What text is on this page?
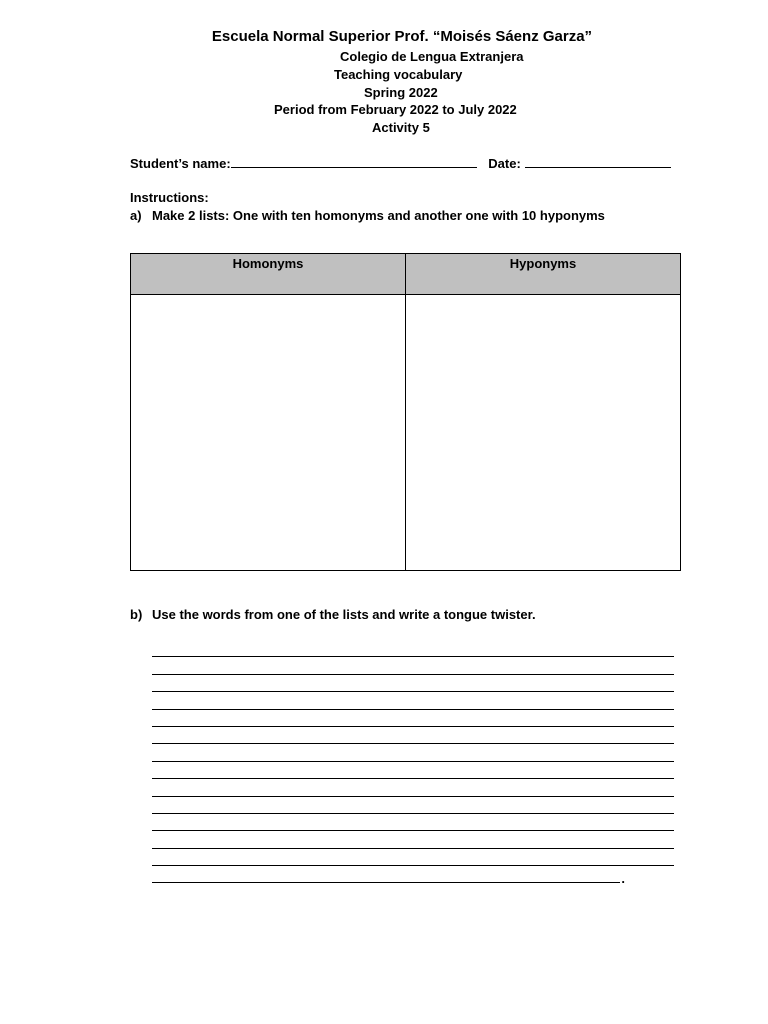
Escuela Normal Superior Prof. “Moisés Sáenz Garza”
Colegio de Lengua Extranjera
Teaching vocabulary
Spring 2022
Period from February 2022 to July 2022
Activity 5
Student’s name:	Date:
Instructions:
a) Make 2 lists: One with ten homonyms and another one with 10 hyponyms
Homonyms	Hyponyms

b) Use the words from one of the lists and write a tongue twister.
.
